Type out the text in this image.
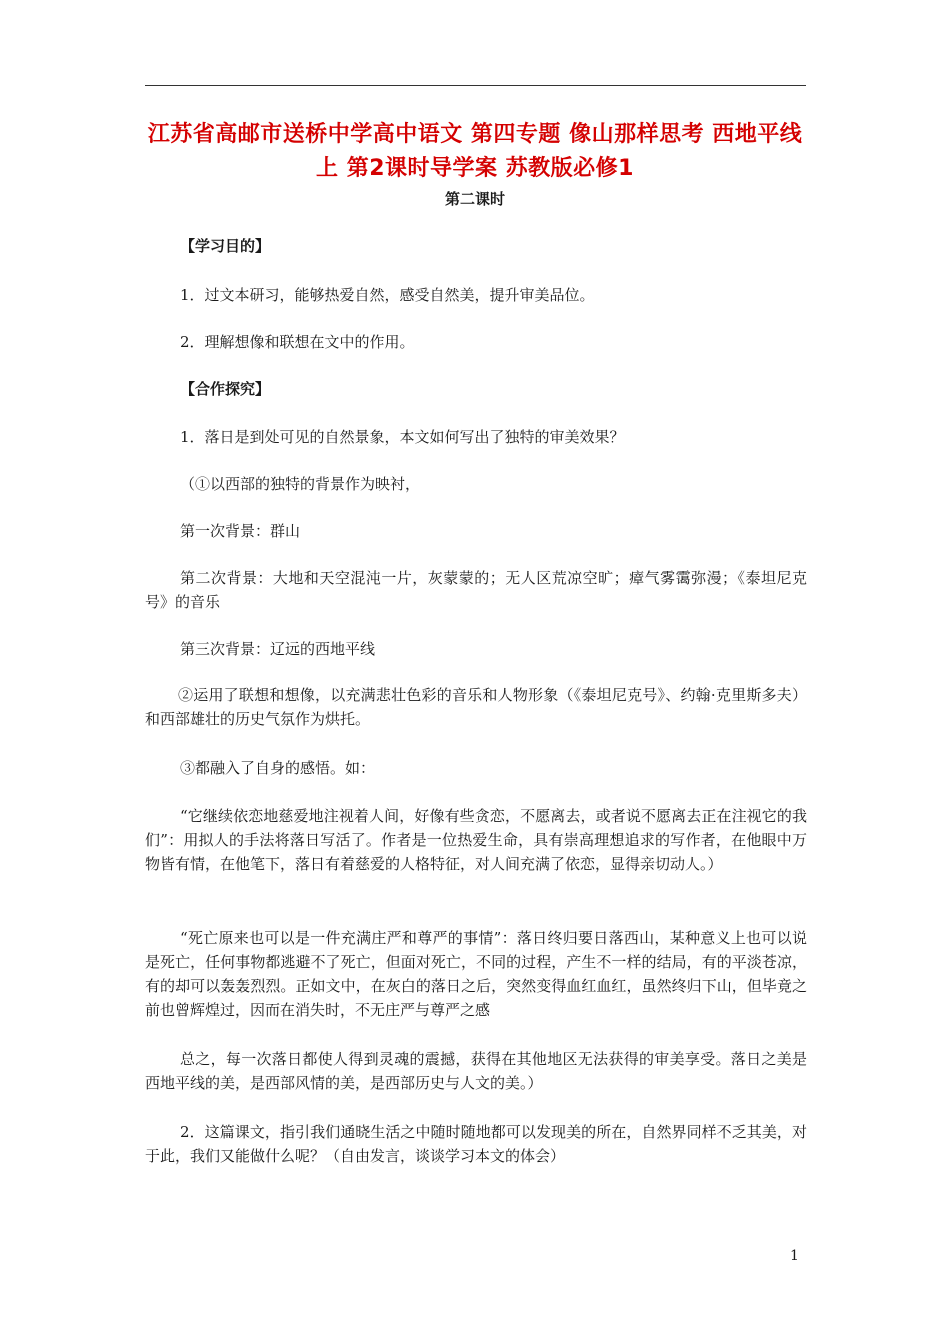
江苏省高邮市送桥中学高中语文 第四专题 像山那样思考 西地平线上 第2课时导学案 苏教版必修1
第二课时

【学习目的】

1．过文本研习，能够热爱自然，感受自然美，提升审美品位。

2．理解想像和联想在文中的作用。

【合作探究】

1．落日是到处可见的自然景象，本文如何写出了独特的审美效果？

（①以西部的独特的背景作为映衬，

第一次背景：群山

第二次背景：大地和天空混沌一片，灰蒙蒙的；无人区荒凉空旷；瘴气雾霭弥漫；《泰坦尼克号》的音乐

第三次背景：辽远的西地平线

②运用了联想和想像，以充满悲壮色彩的音乐和人物形象（《泰坦尼克号》、约翰·克里斯多夫）和西部雄壮的历史气氛作为烘托。

③都融入了自身的感悟。如：

“它继续依恋地慈爱地注视着人间，好像有些贪恋，不愿离去，或者说不愿离去正在注视它的我们”：用拟人的手法将落日写活了。作者是一位热爱生命，具有崇高理想追求的写作者，在他眼中万物皆有情，在他笔下，落日有着慈爱的人格特征，对人间充满了依恋，显得亲切动人。）

“死亡原来也可以是一件充满庄严和尊严的事情”：落日终归要日落西山，某种意义上也可以说是死亡，任何事物都逃避不了死亡，但面对死亡，不同的过程，产生不一样的结局，有的平淡苍凉，有的却可以轰轰烈烈。正如文中，在灰白的落日之后，突然变得血红血红，虽然终归下山，但毕竟之前也曾辉煌过，因而在消失时，不无庄严与尊严之感

总之，每一次落日都使人得到灵魂的震撼，获得在其他地区无法获得的审美享受。落日之美是西地平线的美，是西部风情的美，是西部历史与人文的美。）

2．这篇课文，指引我们通晓生活之中随时随地都可以发现美的所在，自然界同样不乏其美，对于此，我们又能做什么呢？（自由发言，谈谈学习本文的体会）

1
